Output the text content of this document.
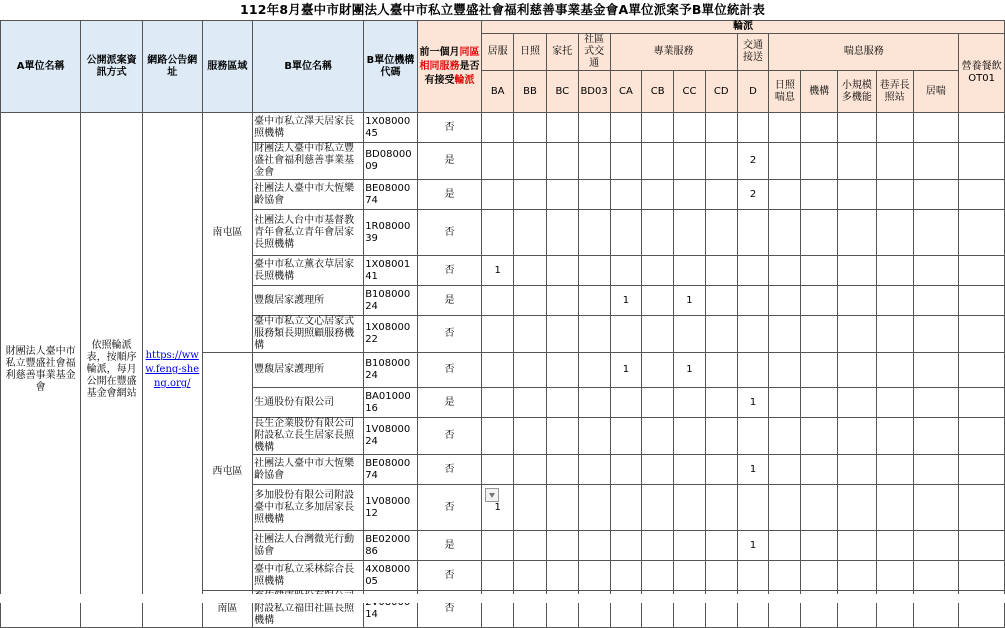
112年8月臺中市財團法人臺中市私立豐盛社會福利慈善事業基金會A單位派案予B單位統計表
A單位名稱	公開派案資訊方式	網路公告網址	服務區域	B單位名稱	B單位機構代碼	前一個月同區相同服務是否有接受輪派	輪派														
							居服	日照	家托	社區式交通	專業服務				交通接送	喘息服務					營養餐飲OT01
							BA	BB	BC	BD03	CA	CB	CC	CD	D	日照喘息	機構	小規模多機能	巷弄長照站	居喘	
財團法人臺中市私立豐盛社會福利慈善事業基金會	依照輪派表，按順序輪派，每月公開在豐盛基金會網站	https://www.feng-sheng.org/	南屯區	臺中市私立澤天居家長照機構	1X0800045	否															
				財團法人臺中市私立豐盛社會福利慈善事業基金會	BD0800009	是									2						
				社團法人臺中市大恆樂齡協會	BE0800074	是									2						
				社團法人台中市基督教青年會私立青年會居家長照機構	1R0800039	否															
				臺中市私立薰衣草居家長照機構	1X0800141	否	1														
				豐馥居家護理所	B10800024	是					1		1								
				臺中市私立文心居家式服務類長期照顧服務機構	1X0800022	否															
			西屯區	豐馥居家護理所	B10800024	否					1		1								
				生通股份有限公司	BA0100016	是									1						
				長生企業股份有限公司附設私立長生居家長照機構	1V0800024	否															
				社團法人臺中市大恆樂齡協會	BE0800074	否									1						
				多加股份有限公司附設臺中市私立多加居家長照機構	1V0800012	否	1														
				社團法人台灣微光行動協會	BE0200086	是									1						
				臺中市私立采林綜合長照機構	4X0800005	否															
			南區	附設私立福田社區長照機構	14	否															
